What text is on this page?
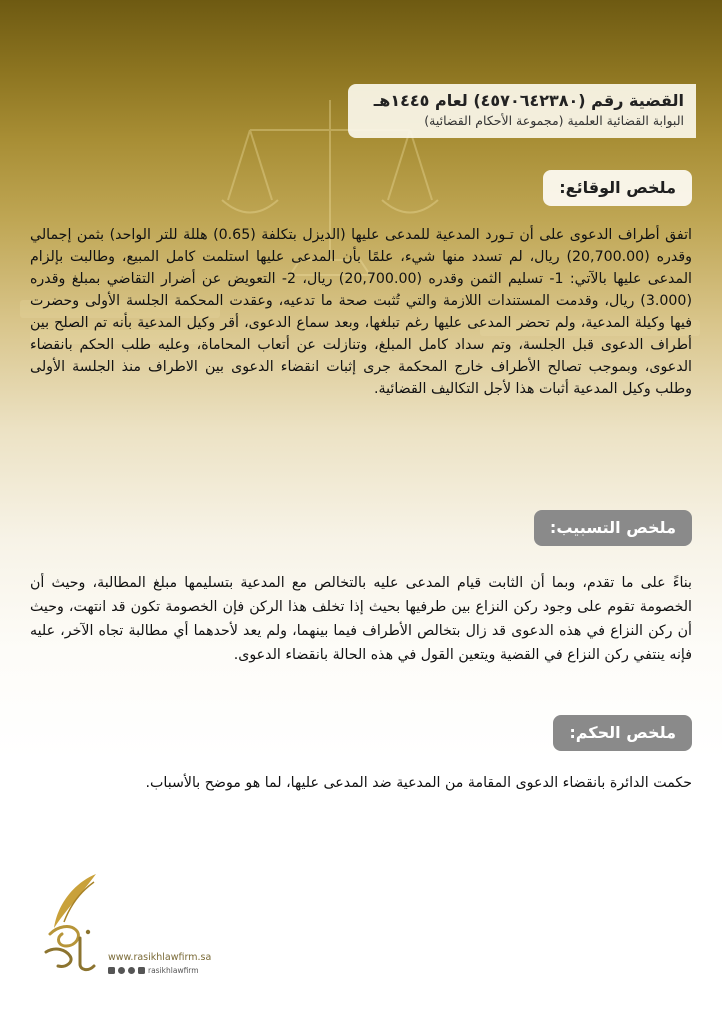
القضية رقم (٤٥٧٠٦٤٢٣٨٠) لعام ١٤٤٥هـ
البوابة القضائية العلمية (مجموعة الأحكام القضائية)
ملخص الوقائع:
اتفق أطراف الدعوى على أن تـورد المدعية للمدعى عليها (الديزل بتكلفة (0.65) هللة للتر الواحد) بثمن إجمالي وقدره (20,700.00) ريال، لم تسدد منها شيء، علمًا بأن المدعى عليها استلمت كامل المبيع، وطالبت بإلزام المدعى عليها بالآتي: 1- تسليم الثمن وقدره (20,700.00) ريال، 2- التعويض عن أضرار التقاضي بمبلغ وقدره (3.000) ريال، وقدمت المستندات اللازمة والتي تُثبت صحة ما تدعيه، وعقدت المحكمة الجلسة الأولى وحضرت فيها وكيلة المدعية، ولم تحضر المدعى عليها رغم تبلغها، وبعد سماع الدعوى، أقر وكيل المدعية بأنه تم الصلح بين أطراف الدعوى قبل الجلسة، وتم سداد كامل المبلغ، وتنازلت عن أتعاب المحاماة، وعليه طلب الحكم بانقضاء الدعوى، وبموجب تصالح الأطراف خارج المحكمة جرى إثبات انقضاء الدعوى بين الاطراف منذ الجلسة الأولى وطلب وكيل المدعية أثبات هذا لأجل التكاليف القضائية.
ملخص التسبيب:
بناءً على ما تقدم، وبما أن الثابت قيام المدعى عليه بالتخالص مع المدعية بتسليمها مبلغ المطالبة، وحيث أن الخصومة تقوم على وجود ركن النزاع بين طرفيها بحيث إذا تخلف هذا الركن فإن الخصومة تكون قد انتهت، وحيث أن ركن النزاع في هذه الدعوى قد زال بتخالص الأطراف فيما بينهما، ولم يعد لأحدهما أي مطالبة تجاه الآخر، عليه فإنه ينتفي ركن النزاع في القضية ويتعين القول في هذه الحالة بانقضاء الدعوى.
ملخص الحكم:
حكمت الدائرة بانقضاء الدعوى المقامة من المدعية ضد المدعى عليها، لما هو موضح بالأسباب.
www.rasikhlawfirm.sa
rasikhlawfirm
